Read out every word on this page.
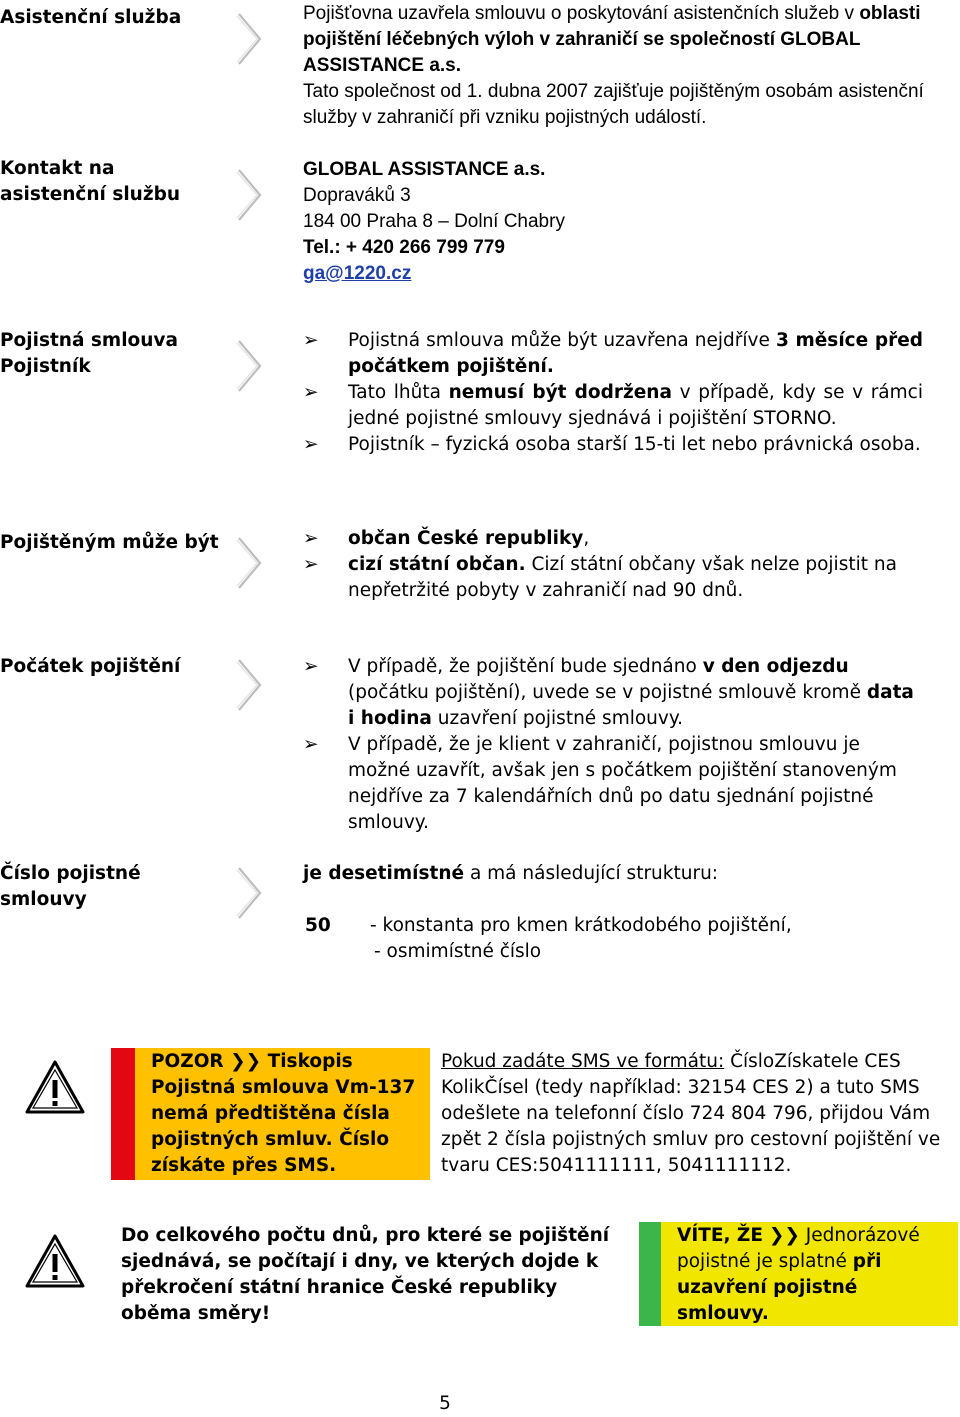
Asistenční služba	Pojišťovna uzavřela smlouvu o poskytování asistenčních služeb v oblasti pojištění léčebných výloh v zahraničí se společností GLOBAL ASSISTANCE a.s.
Tato společnost od 1. dubna 2007 zajišťuje pojištěným osobám asistenční služby v zahraničí při vzniku pojistných událostí.
Kontakt na asistenční službu
GLOBAL ASSISTANCE a.s.
Dopraváků 3
184 00 Praha 8 – Dolní Chabry
Tel.: + 420 266 799 779
ga@1220.cz
Pojistná smlouva
Pojistník
➢	Pojistná smlouva může být uzavřena nejdříve 3 měsíce před počátkem pojištění.
➢	Tato lhůta nemusí být dodržena v případě, kdy se v rámci jedné pojistné smlouvy sjednává i pojištění STORNO.
➢	Pojistník – fyzická osoba starší 15-ti let nebo právnická osoba.
Pojištěným může být	➢	občan České republiky,
➢	cizí státní občan. Cizí státní občany však nelze pojistit na nepřetržité pobyty v zahraničí nad 90 dnů.
Počátek pojištění	➢	V případě, že pojištění bude sjednáno v den odjezdu (počátku pojištění), uvede se v pojistné smlouvě kromě data i hodina uzavření pojistné smlouvy.
➢	V případě, že je klient v zahraničí, pojistnou smlouvu je možné uzavřít, avšak jen s počátkem pojištění stanoveným nejdříve za 7 kalendářních dnů po datu sjednání pojistné smlouvy.
Číslo pojistné smlouvy
je desetimístné a má následující strukturu:
50 - konstanta pro kmen krátkodobého pojištění,
- osmimístné číslo
POZOR ❯❯ Tiskopis Pojistná smlouva Vm-137 nemá předtištěna čísla pojistných smluv. Číslo získáte přes SMS.
Pokud zadáte SMS ve formátu: ČísloZískatele CES KolikČísel (tedy například: 32154 CES 2) a tuto SMS odešlete na telefonní číslo 724 804 796, přijdou Vám zpět 2 čísla pojistných smluv pro cestovní pojištění ve tvaru CES:5041111111, 5041111112.
Do celkového počtu dnů, pro které se pojištění sjednává, se počítají i dny, ve kterých dojde k překročení státní hranice České republiky oběma směry!
VÍTE, ŽE ❯❯ Jednorázové pojistné je splatné při uzavření pojistné smlouvy.
5
